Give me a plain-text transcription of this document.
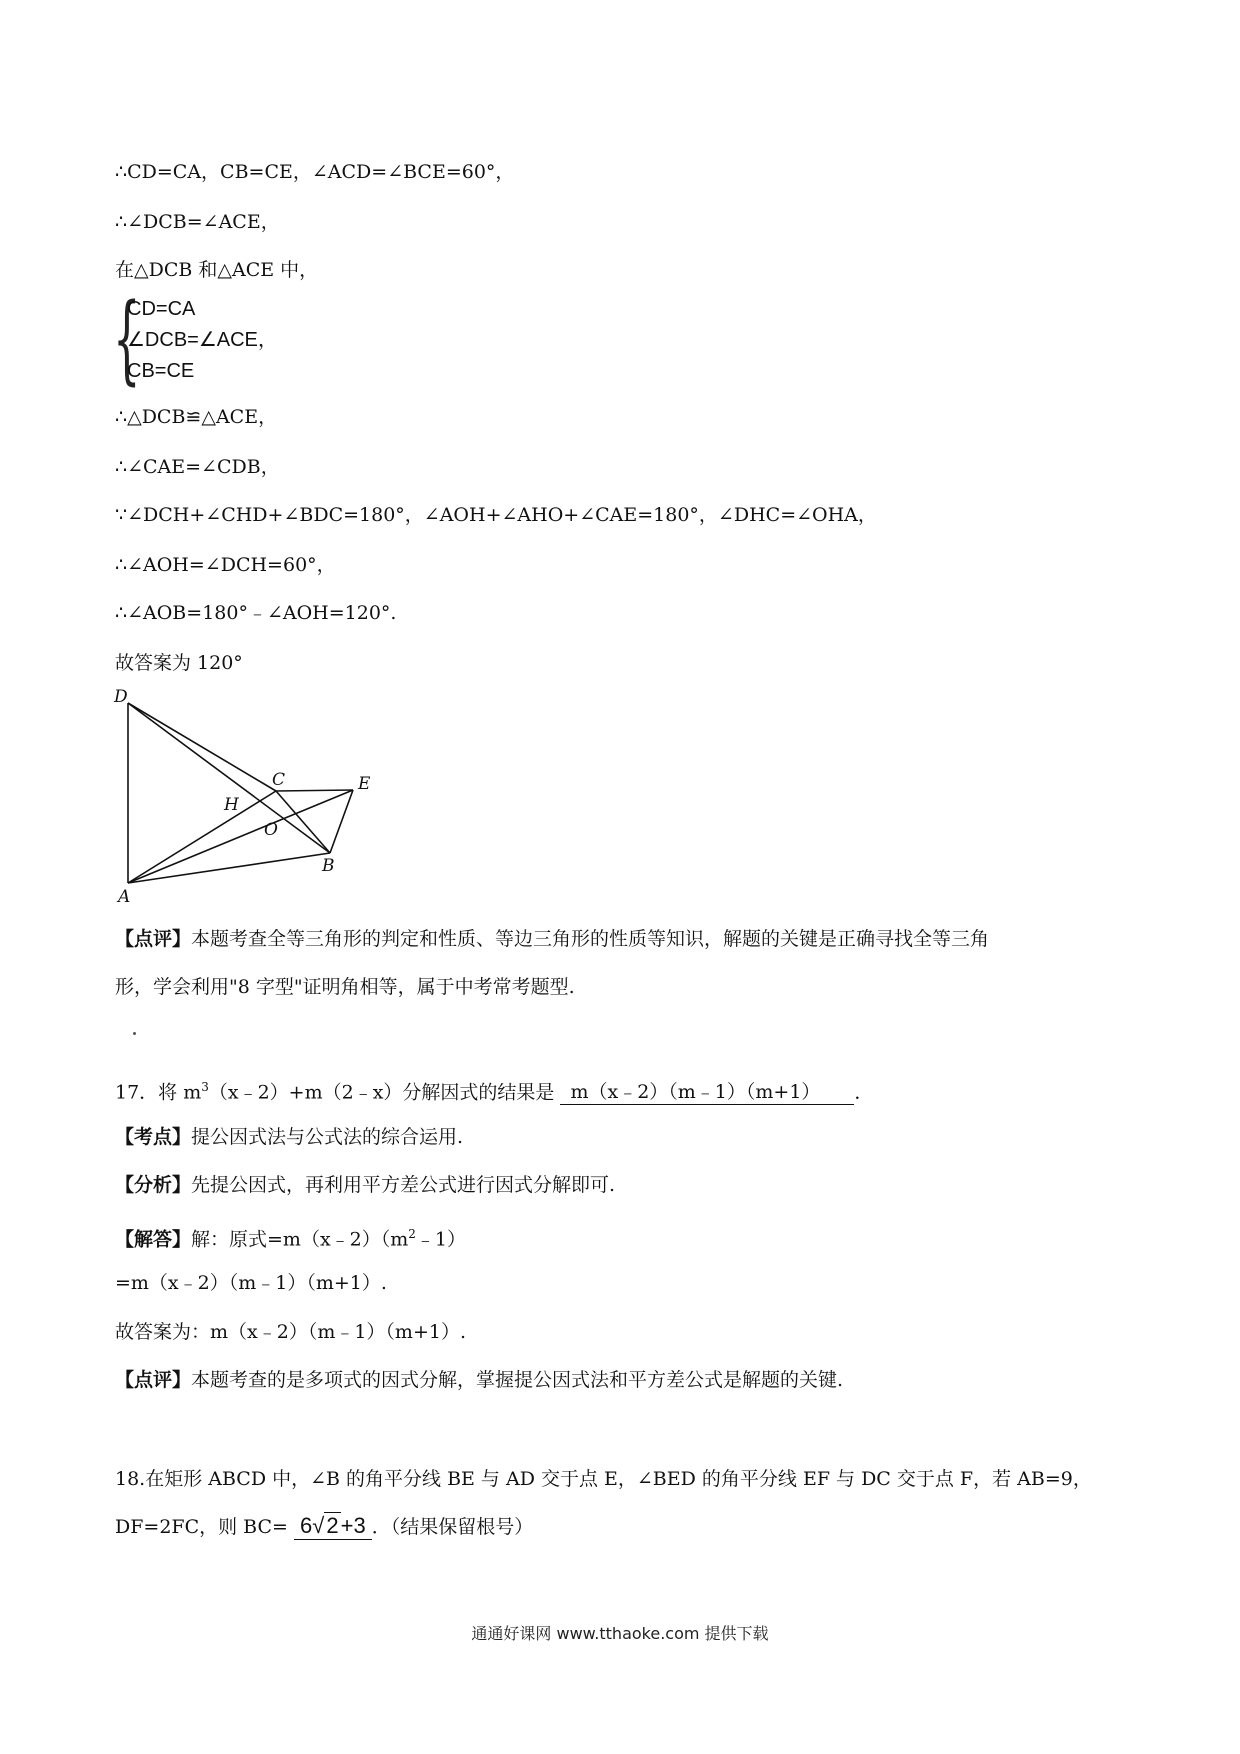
∴CD=CA，CB=CE，∠ACD=∠BCE=60°，
∴∠DCB=∠ACE，
在△DCB 和△ACE 中，
{
CD=CA
∠DCB=∠ACE，
CB=CE
∴△DCB≌△ACE，
∴∠CAE=∠CDB，
∵∠DCH+∠CHD+∠BDC=180°，∠AOH+∠AHO+∠CAE=180°，∠DHC=∠OHA，
∴∠AOH=∠DCH=60°，
∴∠AOB=180°﹣∠AOH=120°.
故答案为 120°
D
C	E
H
O
B
A
【点评】本题考查全等三角形的判定和性质、等边三角形的性质等知识，解题的关键是正确寻找全等三角
形，学会利用"8 字型"证明角相等，属于中考常考题型.
17．将 $m^3(x﹣2)+m(2﹣x)$分解因式的结果是 m（x﹣2）（m﹣1）（m+1） ．
【考点】提公因式法与公式法的综合运用.
【分析】先提公因式，再利用平方差公式进行因式分解即可.
【解答】解：原式$=m(x﹣2)(m^2﹣1)$
=m（x﹣2）（m﹣1）（m+1）.
故答案为：m（x﹣2）（m﹣1）（m+1）.
【点评】本题考查的是多项式的因式分解，掌握提公因式法和平方差公式是解题的关键.
18.在矩形 ABCD 中，∠B 的角平分线 BE 与 AD 交于点 E，∠BED 的角平分线 EF 与 DC 交于点 F，若 AB=9，
DF=2FC，则 BC= 6√2+3 ．（结果保留根号）
通通好课网 www.tthaoke.com 提供下载
